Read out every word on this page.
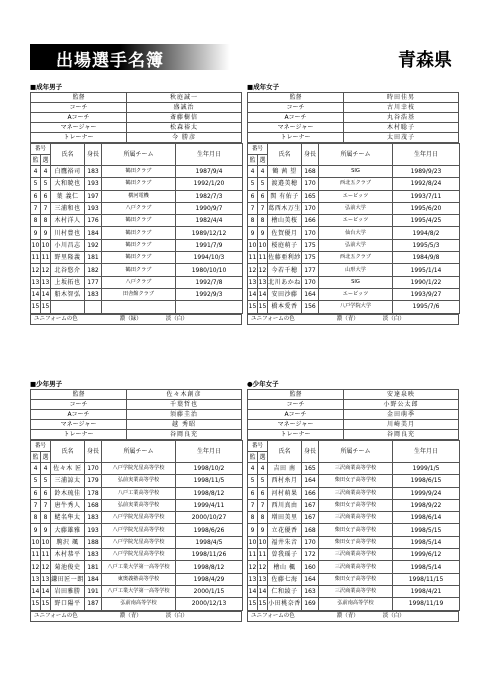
出場選手名簿	青森県
■成年男子
監督	秋庭誠一
コーチ	盛誠治
Aコーチ	斎藤樹信
マネージャー	松森裕太
トレーナー	今 勝彦
番号		氏名	身長	所属チーム	生年月日
監	選				
4	4	白鷹裕司	183	鶴田クラブ	1987/9/4
5	5	大和暁也	193	鶴田クラブ	1992/1/20
6	6	葉 義仁	197	横河電機	1982/7/3
7	7	三浦和也	193	八戸クラブ	1990/9/7
8	8	木村洋人	176	鶴田クラブ	1982/4/4
9	9	川村豊也	184	鶴田クラブ	1989/12/12
10	10	小川昌志	192	鶴田クラブ	1991/7/9
11	11	野里隆義	181	鶴田クラブ	1994/10/3
12	12	北谷悠介	182	鶴田クラブ	1980/10/10
13	13	上坂拓也	177	八戸クラブ	1992/7/8
14	14	船木智弘	183	田舎館クラブ	1992/9/3
15	15				
ユニフォームの色	濃（緑）	淡（白）
■成年女子
監督	時田佳男
コーチ	古川幸枝
Aコーチ	丸谷浩基
マネージャー	木村聡子
トレーナー	太田茂子
番号		氏名	身長	所属チーム	生年月日
監	選				
4	4	鶴 茜 望	168	SIG	1989/9/23
5	5	渡邉美穂	170	西北五クラブ	1992/8/24
6	6	関 有佑子	165	エーピッツ	1993/7/11
7	7	葛西木万生	170	弘前大学	1995/6/20
8	8	檜山美桜	166	エーピッツ	1995/4/25
9	9	佐賀優月	170	仙台大学	1994/8/2
10	10	桜庭萌子	175	弘前大学	1995/5/3
11	11	佐藤亜利紗	175	西北五クラブ	1984/9/8
12	12	今若千穂	177	山形大学	1995/1/14
13	13	北川あかね	170	SIG	1990/1/22
14	14	安田沙藤	164	エーピッツ	1993/9/27
15	15	橋本愛香	156	八戸学院大学	1995/7/6
ユニフォームの色	濃（青）	淡（白）
■少年男子
監督	佐々木創彦
コーチ	千葉哲也
Aコーチ	須藤圭治
マネージャー	越 秀昭
トレーナー	谷岡良充
番号		氏名	身長	所属チーム	生年月日
監	選				
4	4	佐々木 匠	170	八戸学院光星高等学校	1998/10/2
5	5	三浦諒太	179	弘前実業高等学校	1998/11/5
6	6	鈴木琉佳	178	八戸工業高等学校	1998/8/12
7	7	唐牛秀人	168	弘前実業高等学校	1999/4/11
8	8	蛯名隼太	183	八戸学院光星高等学校	2000/10/27
9	9	大藤雄雅	193	八戸学院光星高等学校	1998/6/26
10	10	駒沢 颯	188	八戸学院光星高等学校	1998/4/5
11	11	木村恭平	183	八戸学院光星高等学校	1998/11/26
12	12	菊池俊史	181	八戸工業大学第一高等学校	1998/8/12
13	13	鎌田匠一朗	184	東奥義塾高等学校	1998/4/29
14	14	岩田雅勝	191	八戸工業大学第一高等学校	2000/1/15
15	15	野口陽平	187	弘前南高等学校	2000/12/13
ユニフォームの色	濃（青）	淡（白）
●少年女子
監督	安達泉映
コーチ	小野公太郎
Aコーチ	金田萌季
マネージャー	川崎美月
トレーナー	谷岡良充
番号		氏名	身長	所属チーム	生年月日
監	選				
4	4	吉田 南	165	三沢商業高等学校	1999/1/5
5	5	西村糸月	164	柴田女子高等学校	1998/6/15
6	6	河村萌果	166	三沢商業高等学校	1999/9/24
7	7	西川真由	167	柴田女子高等学校	1998/9/22
8	8	増田美里	167	三沢商業高等学校	1998/6/14
9	9	立花優香	168	柴田女子高等学校	1998/5/15
10	10	福井朱音	170	柴田女子高等学校	1998/5/14
11	11	曽我瑶子	172	三沢商業高等学校	1999/6/12
12	12	檜山 楓	160	三沢商業高等学校	1998/5/14
13	13	佐藤七海	164	柴田女子高等学校	1998/11/15
14	14	仁和綾子	163	三沢商業高等学校	1998/4/21
15	15	小田桃奈香	169	弘前南高等学校	1998/11/19
ユニフォームの色	濃（青）	淡（白）
